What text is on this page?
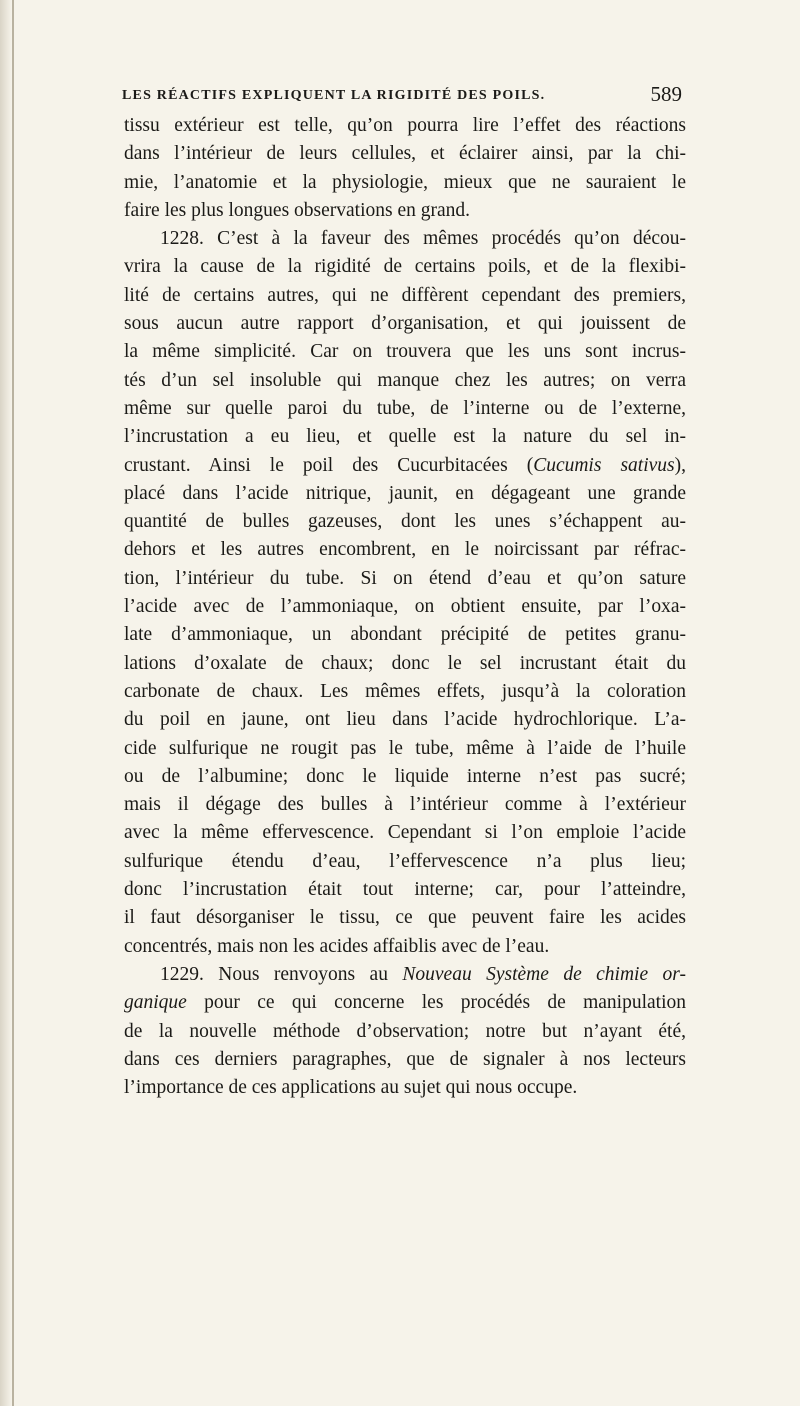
LES RÉACTIFS EXPLIQUENT LA RIGIDITÉ DES POILS.	589
tissu extérieur est telle, qu’on pourra lire l’effet des réactions
dans l’intérieur de leurs cellules, et éclairer ainsi, par la chi-
mie, l’anatomie et la physiologie, mieux que ne sauraient le
faire les plus longues observations en grand.
1228. C’est à la faveur des mêmes procédés qu’on décou-
vrira la cause de la rigidité de certains poils, et de la flexibi-
lité de certains autres, qui ne diffèrent cependant des premiers,
sous aucun autre rapport d’organisation, et qui jouissent de
la même simplicité. Car on trouvera que les uns sont incrus-
tés d’un sel insoluble qui manque chez les autres; on verra
même sur quelle paroi du tube, de l’interne ou de l’externe,
l’incrustation a eu lieu, et quelle est la nature du sel in-
crustant. Ainsi le poil des Cucurbitacées (Cucumis sativus),
placé dans l’acide nitrique, jaunit, en dégageant une grande
quantité de bulles gazeuses, dont les unes s’échappent au-
dehors et les autres encombrent, en le noircissant par réfrac-
tion, l’intérieur du tube. Si on étend d’eau et qu’on sature
l’acide avec de l’ammoniaque, on obtient ensuite, par l’oxa-
late d’ammoniaque, un abondant précipité de petites granu-
lations d’oxalate de chaux; donc le sel incrustant était du
carbonate de chaux. Les mêmes effets, jusqu’à la coloration
du poil en jaune, ont lieu dans l’acide hydrochlorique. L’a-
cide sulfurique ne rougit pas le tube, même à l’aide de l’huile
ou de l’albumine; donc le liquide interne n’est pas sucré;
mais il dégage des bulles à l’intérieur comme à l’extérieur
avec la même effervescence. Cependant si l’on emploie l’acide
sulfurique étendu d’eau, l’effervescence n’a plus lieu;
donc l’incrustation était tout interne; car, pour l’atteindre,
il faut désorganiser le tissu, ce que peuvent faire les acides
concentrés, mais non les acides affaiblis avec de l’eau.
1229. Nous renvoyons au Nouveau Système de chimie or-
ganique pour ce qui concerne les procédés de manipulation
de la nouvelle méthode d’observation; notre but n’ayant été,
dans ces derniers paragraphes, que de signaler à nos lecteurs
l’importance de ces applications au sujet qui nous occupe.
